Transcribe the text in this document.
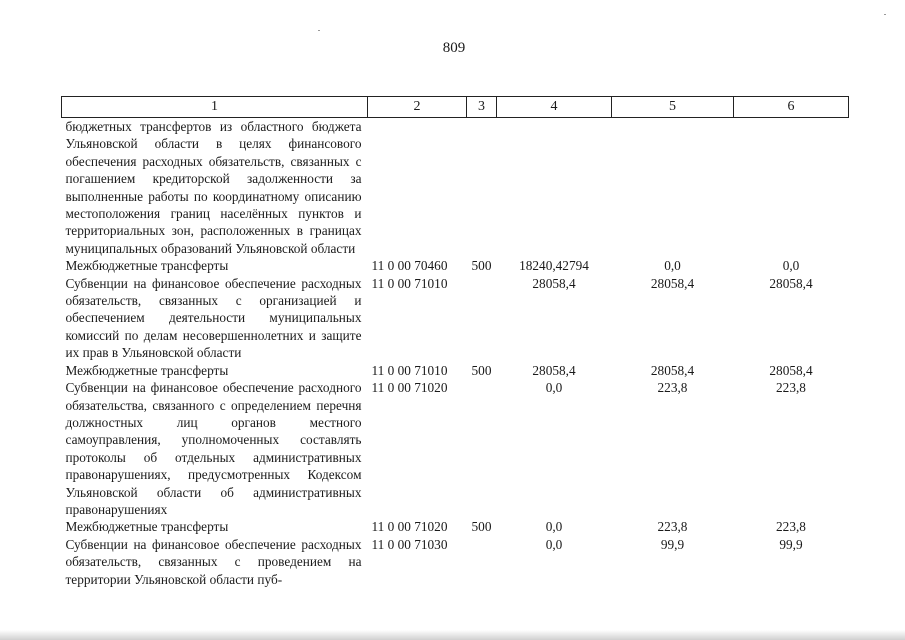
809
1	2	3	4	5	6
бюджетных трансфертов из областного бюджета Ульяновской области в целях финансового обеспечения расходных обязательств, связанных с погашением кредиторской задолженности за выполненные работы по координатному описанию местоположения границ населённых пунктов и территориальных зон, расположенных в границах муниципальных образований Ульяновской области					
Межбюджетные трансферты	11 0 00 70460	500	18240,42794	0,0	0,0
Субвенции на финансовое обеспечение расходных обязательств, связанных с организацией и обеспечением деятельности муниципальных комиссий по делам несовершеннолетних и защите их прав в Ульяновской области	11 0 00 71010		28058,4	28058,4	28058,4
Межбюджетные трансферты	11 0 00 71010	500	28058,4	28058,4	28058,4
Субвенции на финансовое обеспечение расходного обязательства, связанного с определением перечня должностных лиц органов местного самоуправления, уполномоченных составлять протоколы об отдельных административных правонарушениях, предусмотренных Кодексом Ульяновской области об административных правонарушениях	11 0 00 71020		0,0	223,8	223,8
Межбюджетные трансферты	11 0 00 71020	500	0,0	223,8	223,8
Субвенции на финансовое обеспечение расходных обязательств, связанных с проведением на территории Ульяновской области пуб-	11 0 00 71030		0,0	99,9	99,9
